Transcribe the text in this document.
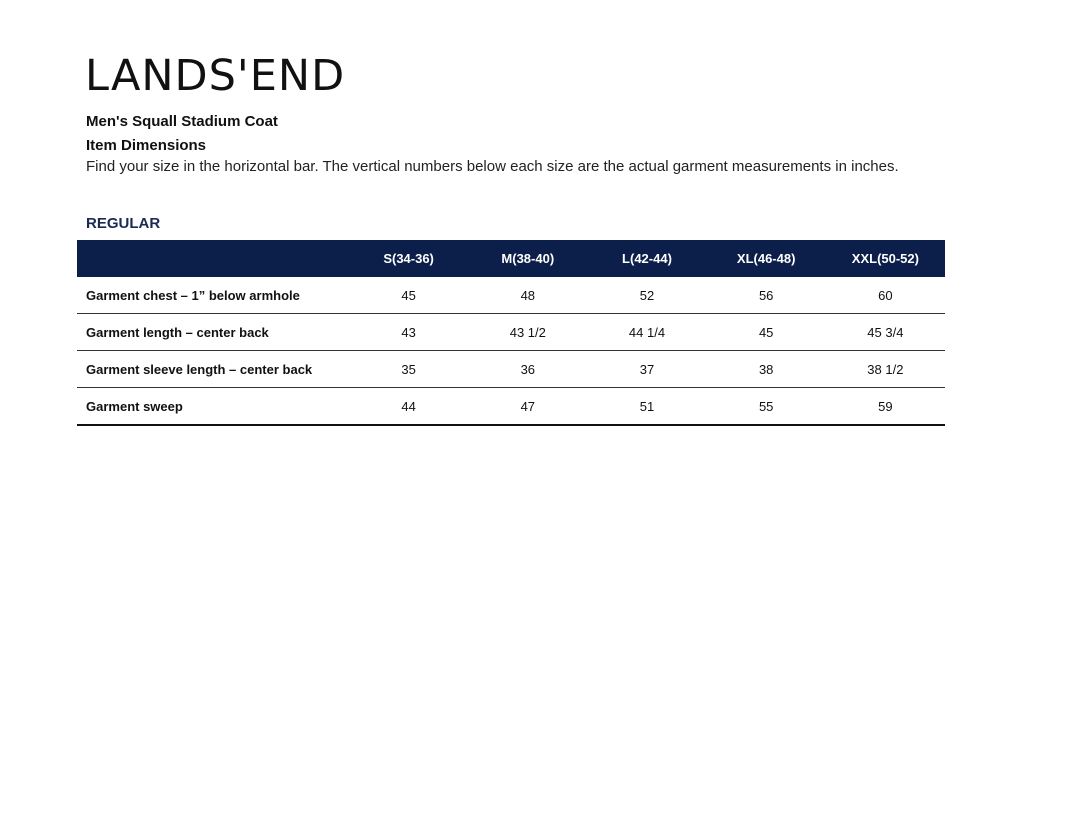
LANDS'END
Men's Squall Stadium Coat
Item Dimensions
Find your size in the horizontal bar. The vertical numbers below each size are the actual garment measurements in inches.
REGULAR
	S(34-36)	M(38-40)	L(42-44)	XL(46-48)	XXL(50-52)
Garment chest – 1” below armhole	45	48	52	56	60
Garment length – center back	43	43 1/2	44 1/4	45	45 3/4
Garment sleeve length – center back	35	36	37	38	38 1/2
Garment sweep	44	47	51	55	59
